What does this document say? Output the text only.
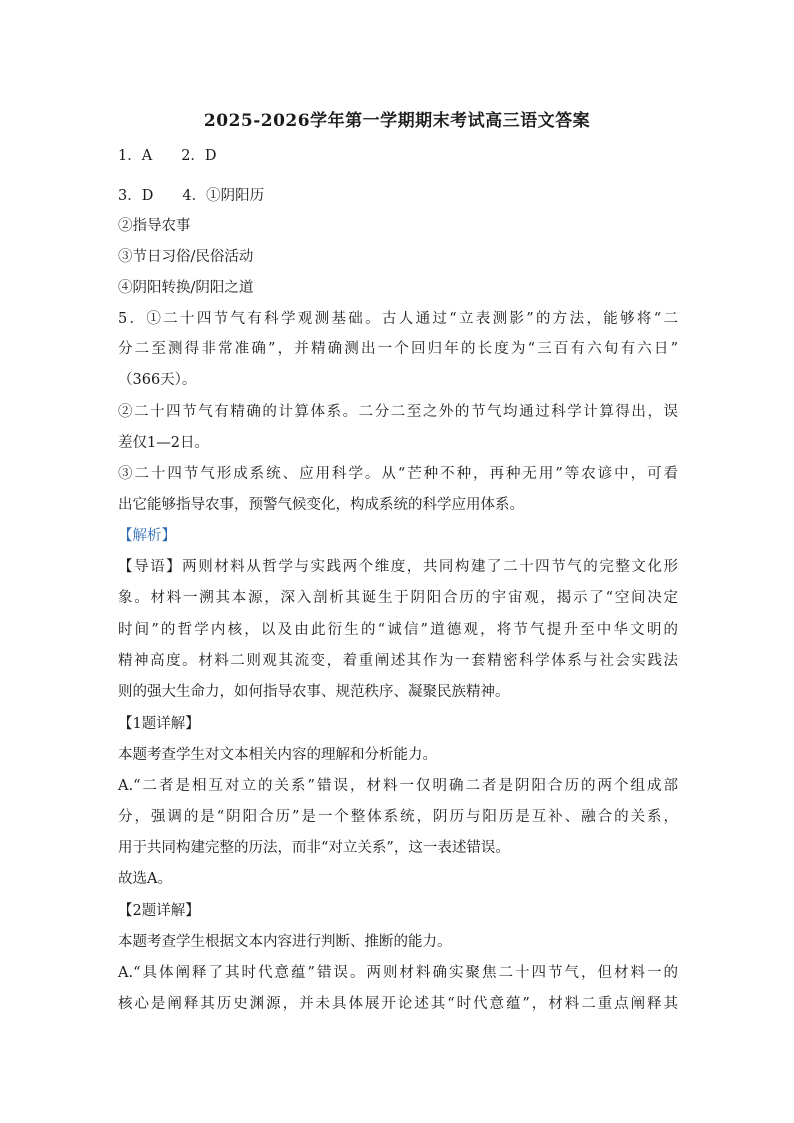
2025-2026学年第一学期期末考试高三语文答案
1．A　　2．D
3．D　　4．①阴阳历
②指导农事
③节日习俗/民俗活动
④阴阳转换/阴阳之道
5．①二十四节气有科学观测基础。古人通过“立表测影”的方法，能够将“二
分二至测得非常准确”，并精确测出一个回归年的长度为“三百有六旬有六日”
（366天）。
②二十四节气有精确的计算体系。二分二至之外的节气均通过科学计算得出，误
差仅1—2日。
③二十四节气形成系统、应用科学。从“芒种不种，再种无用”等农谚中，可看
出它能够指导农事，预警气候变化，构成系统的科学应用体系。
【解析】
【导语】两则材料从哲学与实践两个维度，共同构建了二十四节气的完整文化形
象。材料一溯其本源，深入剖析其诞生于阴阳合历的宇宙观，揭示了“空间决定
时间”的哲学内核，以及由此衍生的“诚信”道德观，将节气提升至中华文明的
精神高度。材料二则观其流变，着重阐述其作为一套精密科学体系与社会实践法
则的强大生命力，如何指导农事、规范秩序、凝聚民族精神。
【1题详解】
本题考查学生对文本相关内容的理解和分析能力。
A.“二者是相互对立的关系”错误，材料一仅明确二者是阴阳合历的两个组成部
分，强调的是“阴阳合历”是一个整体系统，阴历与阳历是互补、融合的关系，
用于共同构建完整的历法，而非“对立关系”，这一表述错误。
故选A。
【2题详解】
本题考查学生根据文本内容进行判断、推断的能力。
A.“具体阐释了其时代意蕴”错误。两则材料确实聚焦二十四节气，但材料一的
核心是阐释其历史渊源，并未具体展开论述其“时代意蕴”，材料二重点阐释其
